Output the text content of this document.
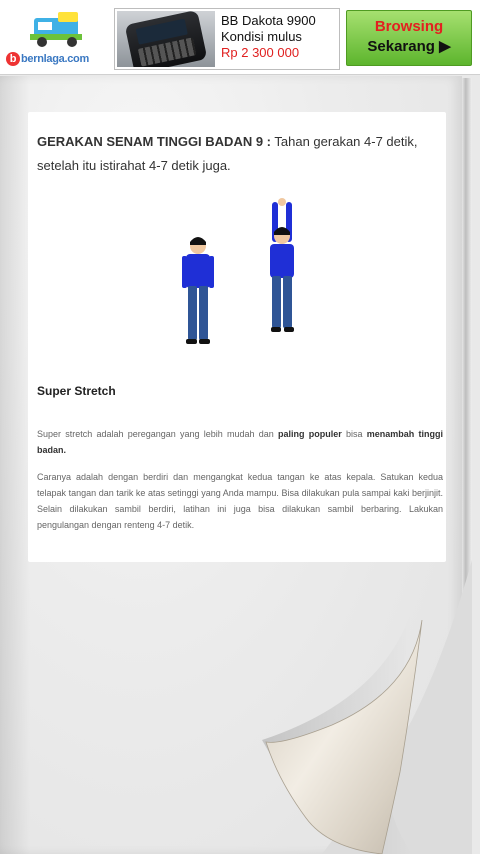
b bernlaga.com
BB Dakota 9900
Kondisi mulus
Rp 2 300 000
Browsing
Sekarang ▶
GERAKAN SENAM TINGGI BADAN 9 : Tahan gerakan 4-7 detik, setelah itu istirahat 4-7 detik juga.
Super Stretch
Super stretch adalah peregangan yang lebih mudah dan paling populer bisa menambah tinggi badan.
Caranya adalah dengan berdiri dan mengangkat kedua tangan ke atas kepala. Satukan kedua telapak tangan dan tarik ke atas setinggi yang Anda mampu. Bisa dilakukan pula sampai kaki berjinjit. Selain dilakukan sambil berdiri, latihan ini juga bisa dilakukan sambil berbaring. Lakukan pengulangan dengan renteng 4-7 detik.
